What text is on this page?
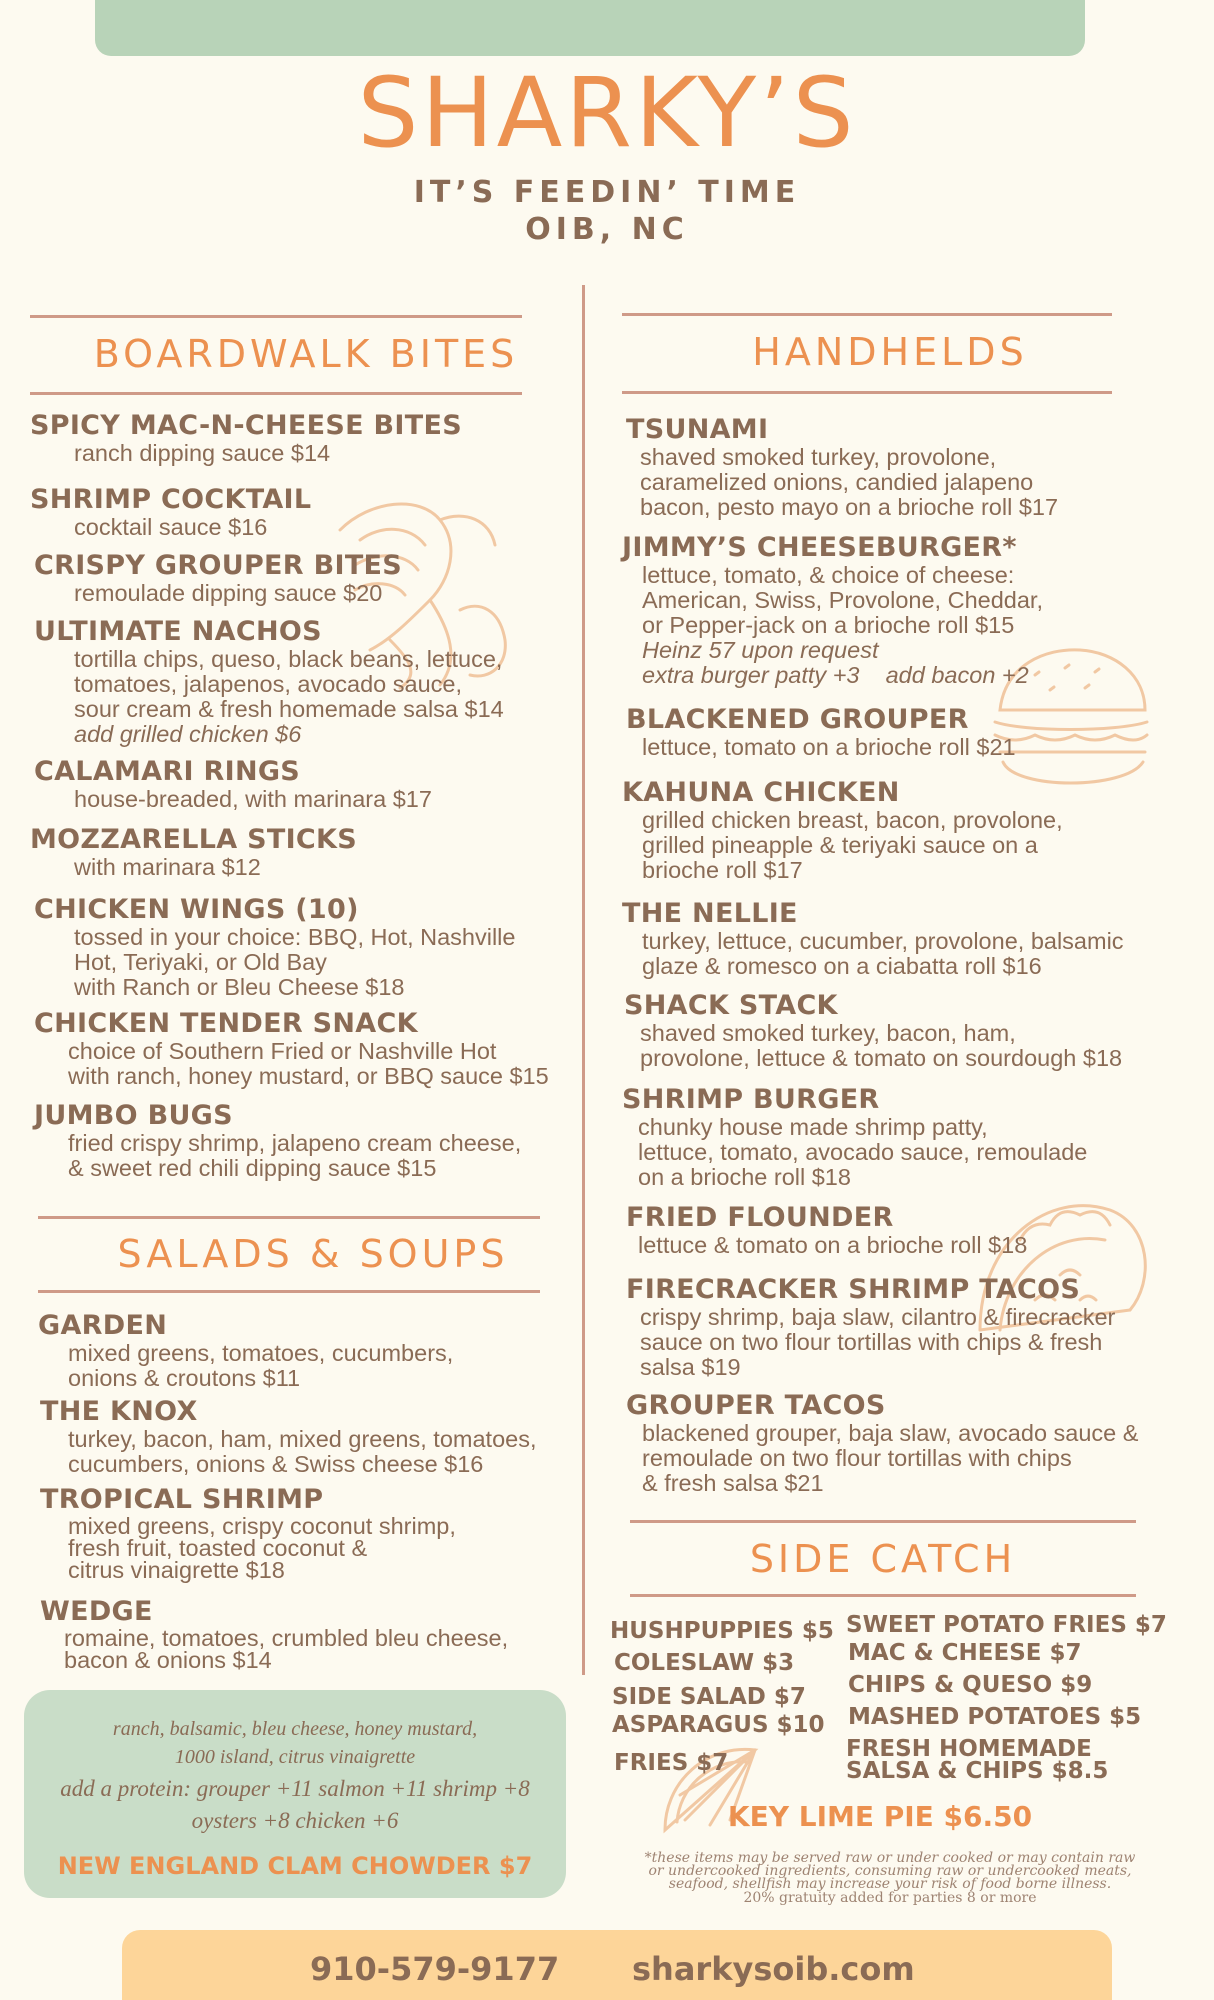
SHARKY’S
IT’S FEEDIN’ TIME
OIB, NC
BOARDWALK BITES	HANDHELDS
SALADS & SOUPS
SIDE CATCH
SPICY MAC-N-CHEESE BITES
ranch dipping sauce $14
SHRIMP COCKTAIL
cocktail sauce $16
CRISPY GROUPER BITES
remoulade dipping sauce $20
ULTIMATE NACHOS
tortilla chips, queso, black beans, lettuce,
tomatoes, jalapenos, avocado sauce,
sour cream & fresh homemade salsa $14
add grilled chicken $6
CALAMARI RINGS
house-breaded, with marinara $17
MOZZARELLA STICKS
with marinara $12
CHICKEN WINGS (10)
tossed in your choice: BBQ, Hot, Nashville
Hot, Teriyaki, or Old Bay
with Ranch or Bleu Cheese $18
CHICKEN TENDER SNACK
choice of Southern Fried or Nashville Hot
with ranch, honey mustard, or BBQ sauce $15
JUMBO BUGS
fried crispy shrimp, jalapeno cream cheese,
& sweet red chili dipping sauce $15
GARDEN
mixed greens, tomatoes, cucumbers,
onions & croutons $11
THE KNOX
turkey, bacon, ham, mixed greens, tomatoes,
cucumbers, onions & Swiss cheese $16
TROPICAL SHRIMP
mixed greens, crispy coconut shrimp,
fresh fruit, toasted coconut &
citrus vinaigrette $18
WEDGE
romaine, tomatoes, crumbled bleu cheese,
bacon & onions $14
ranch, balsamic, bleu cheese, honey mustard,
1000 island, citrus vinaigrette
add a protein: grouper +11 salmon +11 shrimp +8
oysters +8 chicken +6
NEW ENGLAND CLAM CHOWDER $7
TSUNAMI
shaved smoked turkey, provolone,
caramelized onions, candied jalapeno
bacon, pesto mayo on a brioche roll $17
JIMMY’S CHEESEBURGER*
lettuce, tomato, & choice of cheese:
American, Swiss, Provolone, Cheddar,
or Pepper-jack on a brioche roll $15
Heinz 57 upon request
extra burger patty +3    add bacon +2
BLACKENED GROUPER
lettuce, tomato on a brioche roll $21
KAHUNA CHICKEN
grilled chicken breast, bacon, provolone,
grilled pineapple & teriyaki sauce on a
brioche roll $17
THE NELLIE
turkey, lettuce, cucumber, provolone, balsamic
glaze & romesco on a ciabatta roll $16
SHACK STACK
shaved smoked turkey, bacon, ham,
provolone, lettuce & tomato on sourdough $18
SHRIMP BURGER
chunky house made shrimp patty,
lettuce, tomato, avocado sauce, remoulade
on a brioche roll $18
FRIED FLOUNDER
lettuce & tomato on a brioche roll $18
FIRECRACKER SHRIMP TACOS
crispy shrimp, baja slaw, cilantro & firecracker
sauce on two flour tortillas with chips & fresh
salsa $19
GROUPER TACOS
blackened grouper, baja slaw, avocado sauce &
remoulade on two flour tortillas with chips
& fresh salsa $21
HUSHPUPPIES $5
COLESLAW $3
SIDE SALAD $7
ASPARAGUS $10
FRIES $7
SWEET POTATO FRIES $7
MAC & CHEESE $7
CHIPS & QUESO $9
MASHED POTATOES $5
FRESH HOMEMADE
SALSA & CHIPS $8.5
KEY LIME PIE $6.50
*these items may be served raw or under cooked or may contain raw
or undercooked ingredients, consuming raw or undercooked meats,
seafood, shellfish may increase your risk of food borne illness.
20% gratuity added for parties 8 or more
910-579-9177 sharkysoib.com
